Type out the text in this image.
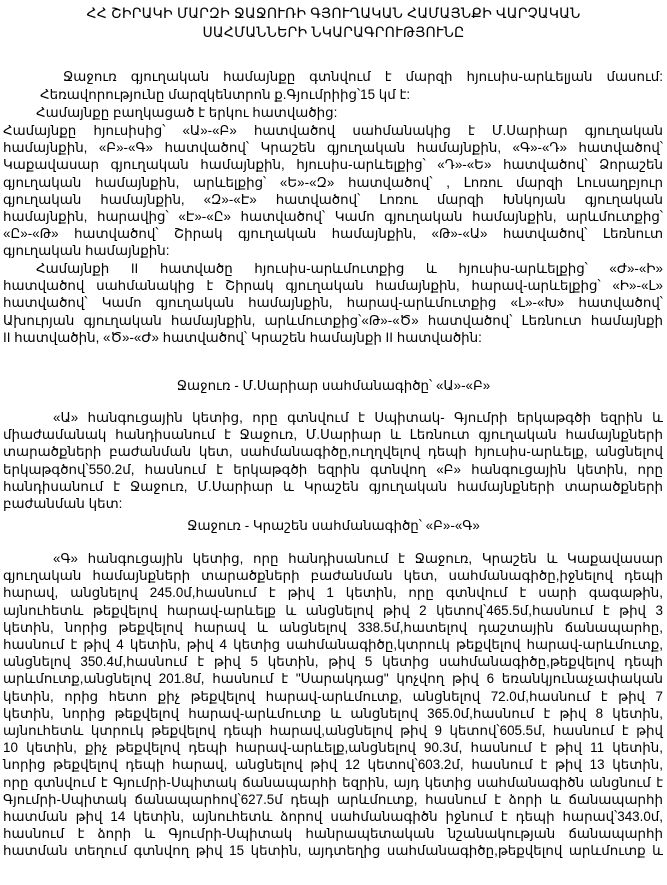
ՀՀ ՇԻՐԱԿԻ ՄԱՐԶԻ ՋԱՋՈՒՌԻ ԳՅՈՒՂԱԿԱՆ ՀԱՄԱՅՆՔԻ ՎԱՐՉԱԿԱՆ
ՍԱՀՄԱՆՆԵՐԻ ՆԿԱՐԱԳՐՈՒԹՅՈՒՆԸ
Ջաջուռ գյուղական համայնքը գտնվում է մարզի հյուսիս-արևելյան մասում:
Հեռավորությունը մարզկենտրոն ք.Գյումրիից՝15 կմ է:
Համայնքը բաղկացած է երկու հատվածից:
Համայնքը հյուսիսից՝ «Ա»-«Բ» հատվածով սահմանակից է Մ.Սարիար գյուղական
համայնքին, «Բ»-«Գ» հատվածով՝ Կրաշեն գյուղական համայնքին, «Գ»-«Դ» հատվածով՝
Կաքավասար գյուղական համայնքին, հյուսիս-արևելքից՝ «Դ»-«Ե» հատվածով՝ Ձորաշեն
գյուղական համայնքին, արևելքից՝ «Ե»-«Զ» հատվածով՝ , Լոռու մարզի Լուսաղբյուր
գյուղական համայնքին, «Զ»-«Է» հատվածով՝ Լոռու մարզի Խնկոյան գյուղական
համայնքին, հարավից՝ «Է»-«Ը» հատվածով՝ Կամո գյուղական համայնքին, արևմուտքից՝
«Ը»-«Թ» հատվածով՝ Շիրակ գյուղական համայնքին, «Թ»-«Ա» հատվածով՝ Լեռնուտ
գյուղական համայնքին:
Համայնքի II հատվածը հյուսիս-արևմուտքից և հյուսիս-արևելքից՝ «Ժ»-«Ի»
հատվածով սահմանակից է Շիրակ գյուղական համայնքին, հարավ-արևելքից՝ «Ի»-«Լ»
հատվածով՝ Կամո գյուղական համայնքին, հարավ-արևմուտքից «Լ»-«Խ» հատվածով՝
Ախուրյան գյուղական համայնքին, արևմուտքից՝«Թ»-«Ծ» հատվածով՝ Լեռնուտ համայնքի
II հատվածին, «Ծ»-«Ժ» հատվածով՝ Կրաշեն համայնքի II հատվածին:
Ջաջուռ - Մ.Սարիար սահմանագիծը՝ «Ա»-«Բ»
«Ա» հանգուցային կետից, որը գտնվում է Սպիտակ- Գյումրի երկաթգծի եզրին և
միաժամանակ հանդիսանում է Ջաջուռ, Մ.Սարիար և Լեռնուտ գյուղական համայնքների
տարածքների բաժանման կետ, սահմանագիծը,ուղղվելով դեպի հյուսիս-արևելք, անցնելով
երկաթգծով՝550.2մ, հասնում է երկաթգծի եզրին գտնվող «Բ» հանգուցային կետին, որը
հանդիսանում է Ջաջուռ, Մ.Սարիար և Կրաշեն գյուղական համայնքների տարածքների
բաժանման կետ:
Ջաջուռ - Կրաշեն սահմանագիծը՝ «Բ»-«Գ»
«Գ» հանգուցային կետից, որը հանդիսանում է Ջաջուռ, Կրաշեն և Կաքավասար
գյուղական համայնքների տարածքների բաժանման կետ, սահմանագիծը,իջնելով դեպի
հարավ, անցնելով 245.0մ,հասնում է թիվ 1 կետին, որը գտնվում է սարի գագաթին,
այնուհետև թեքվելով հարավ-արևելք և անցնելով թիվ 2 կետով՝465.5մ,հասնում է թիվ 3
կետին, նորից թեքվելով հարավ և անցնելով 338.5մ,հատելով դաշտային ճանապարհը,
հասնում է թիվ 4 կետին, թիվ 4 կետից սահմանագիծը,կտրուկ թեքվելով հարավ-արևմուտք,
անցնելով 350.4մ,հասնում է թիվ 5 կետին, թիվ 5 կետից սահմանագիծը,թեքվելով դեպի
արևմուտք,անցնելով 201.8մ, հասնում է "Սարակդաց" կոչվող թիվ 6 եռանկյունաչափական
կետին, որից հետո քիչ թեքվելով հարավ-արևմուտք, անցնելով 72.0մ,հասնում է թիվ 7
կետին, նորից թեքվելով հարավ-արևմուտք և անցնելով 365.0մ,հասնում է թիվ 8 կետին,
այնուհետև կտրուկ թեքվելով դեպի հարավ,անցնելով թիվ 9 կետով՝605.5մ, հասնում է թիվ
10 կետին, քիչ թեքվելով դեպի հարավ-արևելք,անցնելով 90.3մ, հասնում է թիվ 11 կետին,
նորից թեքվելով դեպի հարավ, անցնելով թիվ 12 կետով՝603.2մ, հասնում է թիվ 13 կետին,
որը գտնվում է Գյումրի-Սպիտակ ճանապարհի եզրին, այդ կետից սահմանագիծն անցնում է
Գյումրի-Սպիտակ ճանապարհով՝627.5մ դեպի արևմուտք, հասնում է ձորի և ճանապարհի
հատման թիվ 14 կետին, այնուհետև ձորով սահմանագիծն իջնում է դեպի հարավ՝343.0մ,
հասնում է ձորի և Գյումրի-Սպիտակ հանրապետական նշանակության ճանապարհի
հատման տեղում գտնվող թիվ 15 կետին, այդտեղից սահմանագիծը,թեքվելով արևմուտք և
